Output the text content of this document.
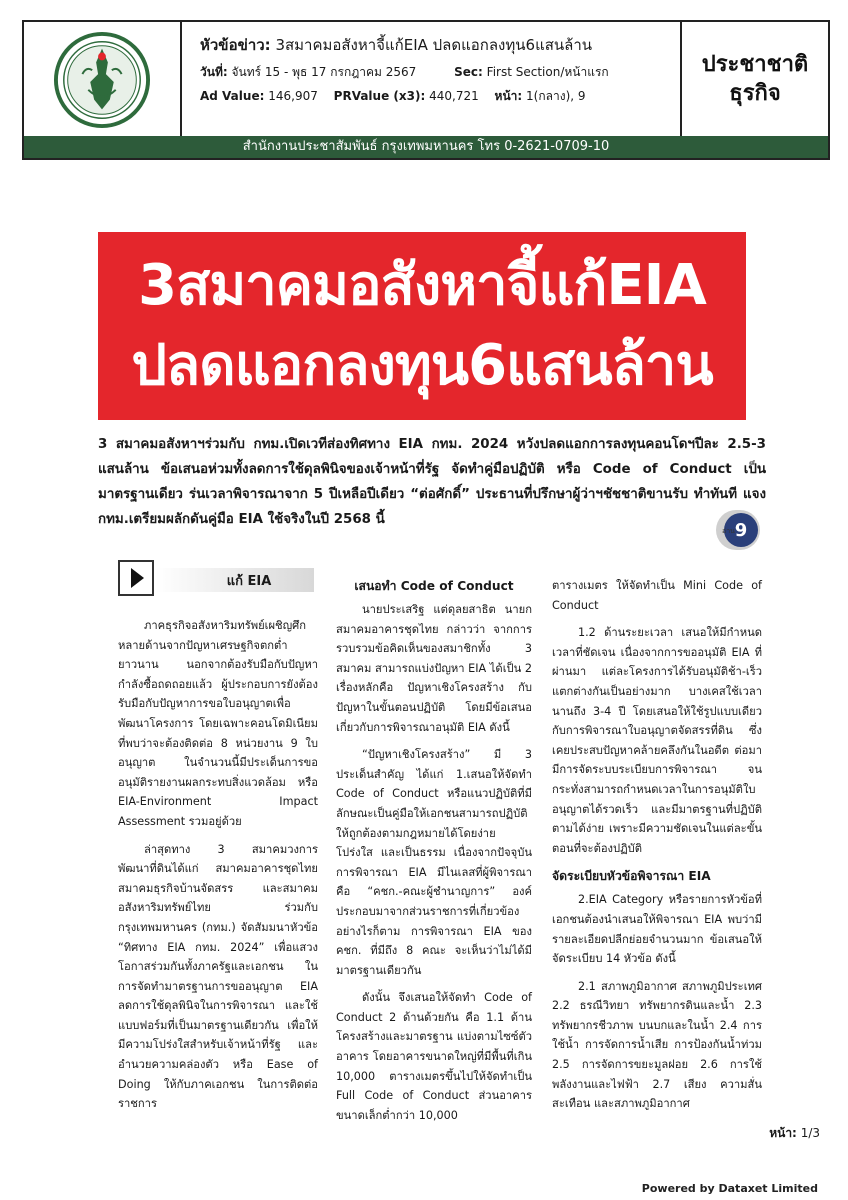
หัวข้อข่าว: 3สมาคมอสังหาจี้แก้EIA ปลดแอกลงทุน6แสนล้าน
วันที่: จันทร์ 15 - พุธ 17 กรกฎาคม 2567	Sec: First Section/หน้าแรก
Ad Value: 146,907 PRValue (x3): 440,721 หน้า: 1(กลาง), 9
ประชาชาติ ธุรกิจ
สำนักงานประชาสัมพันธ์ กรุงเทพมหานคร โทร 0-2621-0709-10
3สมาคมอสังหาจี้แก้EIA
ปลดแอกลงทุน6แสนล้าน
3 สมาคมอสังหาฯร่วมกับ กทม.เปิดเวทีส่องทิศทาง EIA กทม. 2024 หวังปลดแอกการลงทุนคอนโดฯปีละ 2.5-3 แสนล้าน ข้อเสนอห่วมทั้งลดการใช้ดุลพินิจของเจ้าหน้าที่รัฐ จัดทำคู่มือปฏิบัติ หรือ Code of Conduct เป็นมาตรฐานเดียว ร่นเวลาพิจารณาจาก 5 ปีเหลือปีเดียว “ต่อศักดิ์” ประธานที่ปรึกษาผู้ว่าฯชัชชาติขานรับ ทำทันที แจง กทม.เตรียมผลักดันคู่มือ EIA ใช้จริงในปี 2568 นี้
อ่าน 9
แก้ EIA

ภาคธุรกิจอสังหาริมทรัพย์เผชิญศึกหลายด้านจากปัญหาเศรษฐกิจตกต่ำยาวนาน นอกจากต้องรับมือกับปัญหากำลังซื้อถดถอยแล้ว ผู้ประกอบการยังต้องรับมือกับปัญหาการขอใบอนุญาตเพื่อพัฒนาโครงการ โดยเฉพาะคอนโดมิเนียมที่พบว่าจะต้องติดต่อ 8 หน่วยงาน 9 ใบอนุญาต ในจำนวนนี้มีประเด็นการขออนุมัติรายงานผลกระทบสิ่งแวดล้อม หรือ EIA-Environment Impact Assessment รวมอยู่ด้วย

ล่าสุดทาง 3 สมาคมวงการพัฒนาที่ดินได้แก่ สมาคมอาคารชุดไทย สมาคมธุรกิจบ้านจัดสรร และสมาคมอสังหาริมทรัพย์ไทย ร่วมกับกรุงเทพมหานคร (กทม.) จัดสัมมนาหัวข้อ “ทิศทาง EIA กทม. 2024” เพื่อแสวงโอกาสร่วมกันทั้งภาครัฐและเอกชน ในการจัดทำมาตรฐานการขออนุญาต EIA ลดการใช้ดุลพินิจในการพิจารณา และใช้แบบฟอร์มที่เป็นมาตรฐานเดียวกัน เพื่อให้มีความโปร่งใสสำหรับเจ้าหน้าที่รัฐ และอำนวยความคล่องตัว หรือ Ease of Doing ให้กับภาคเอกชน ในการติดต่อราชการ

เสนอทำ Code of Conduct

นายประเสริฐ แต่ดุลยสาธิต นายกสมาคมอาคารชุดไทย กล่าวว่า จากการรวบรวมข้อคิดเห็นของสมาชิกทั้ง 3 สมาคม สามารถแบ่งปัญหา EIA ได้เป็น 2 เรื่องหลักคือ ปัญหาเชิงโครงสร้าง กับปัญหาในขั้นตอนปฏิบัติ โดยมีข้อเสนอเกี่ยวกับการพิจารณาอนุมัติ EIA ดังนี้

“ปัญหาเชิงโครงสร้าง” มี 3 ประเด็นสำคัญ ได้แก่ 1.เสนอให้จัดทำ Code of Conduct หรือแนวปฏิบัติที่มีลักษณะเป็นคู่มือให้เอกชนสามารถปฏิบัติให้ถูกต้องตามกฎหมายได้โดยง่าย โปร่งใส และเป็นธรรม เนื่องจากปัจจุบันการพิจารณา EIA มีไนเลสที่ผู้พิจารณา คือ “คชก.-คณะผู้ชำนาญการ” องค์ประกอบมาจากส่วนราชการที่เกี่ยวข้อง อย่างไรก็ตาม การพิจารณา EIA ของ คชก. ที่มีถึง 8 คณะ จะเห็นว่าไม่ได้มีมาตรฐานเดียวกัน

ดังนั้น จึงเสนอให้จัดทำ Code of Conduct 2 ด้านด้วยกัน คือ 1.1 ด้านโครงสร้างและมาตรฐาน แบ่งตามไซซ์ตัวอาคาร โดยอาคารขนาดใหญ่ที่มีพื้นที่เกิน 10,000 ตารางเมตรขึ้นไปให้จัดทำเป็น Full Code of Conduct ส่วนอาคารขนาดเล็กต่ำกว่า 10,000

ตารางเมตร ให้จัดทำเป็น Mini Code of Conduct

1.2 ด้านระยะเวลา เสนอให้มีกำหนดเวลาที่ชัดเจน เนื่องจากการขออนุมัติ EIA ที่ผ่านมา แต่ละโครงการได้รับอนุมัติช้า-เร็วแตกต่างกันเป็นอย่างมาก บางเคสใช้เวลานานถึง 3-4 ปี โดยเสนอให้ใช้รูปแบบเดียวกับการพิจารณาใบอนุญาตจัดสรรที่ดิน ซึ่งเคยประสบปัญหาคล้ายคลึงกันในอดีต ต่อมามีการจัดระบบระเบียบการพิจารณา จนกระทั่งสามารถกำหนดเวลาในการอนุมัติใบอนุญาตได้รวดเร็ว และมีมาตรฐานที่ปฏิบัติตามได้ง่าย เพราะมีความชัดเจนในแต่ละขั้นตอนที่จะต้องปฏิบัติ

จัดระเบียบหัวข้อพิจารณา EIA

2.EIA Category หรือรายการหัวข้อที่เอกชนต้องนำเสนอให้พิจารณา EIA พบว่ามีรายละเอียดปลีกย่อยจำนวนมาก ข้อเสนอให้จัดระเบียบ 14 หัวข้อ ดังนี้

2.1 สภาพภูมิอากาศ สภาพภูมิประเทศ 2.2 ธรณีวิทยา ทรัพยากรดินและน้ำ 2.3 ทรัพยากรชีวภาพ บนบกและในน้ำ 2.4 การใช้น้ำ การจัดการน้ำเสีย การป้องกันน้ำท่วม 2.5 การจัดการขยะมูลฝอย 2.6 การใช้พลังงานและไฟฟ้า 2.7 เสียง ความสั่นสะเทือน และสภาพภูมิอากาศ

หน้า: 1/3
Powered by Dataxet Limited
